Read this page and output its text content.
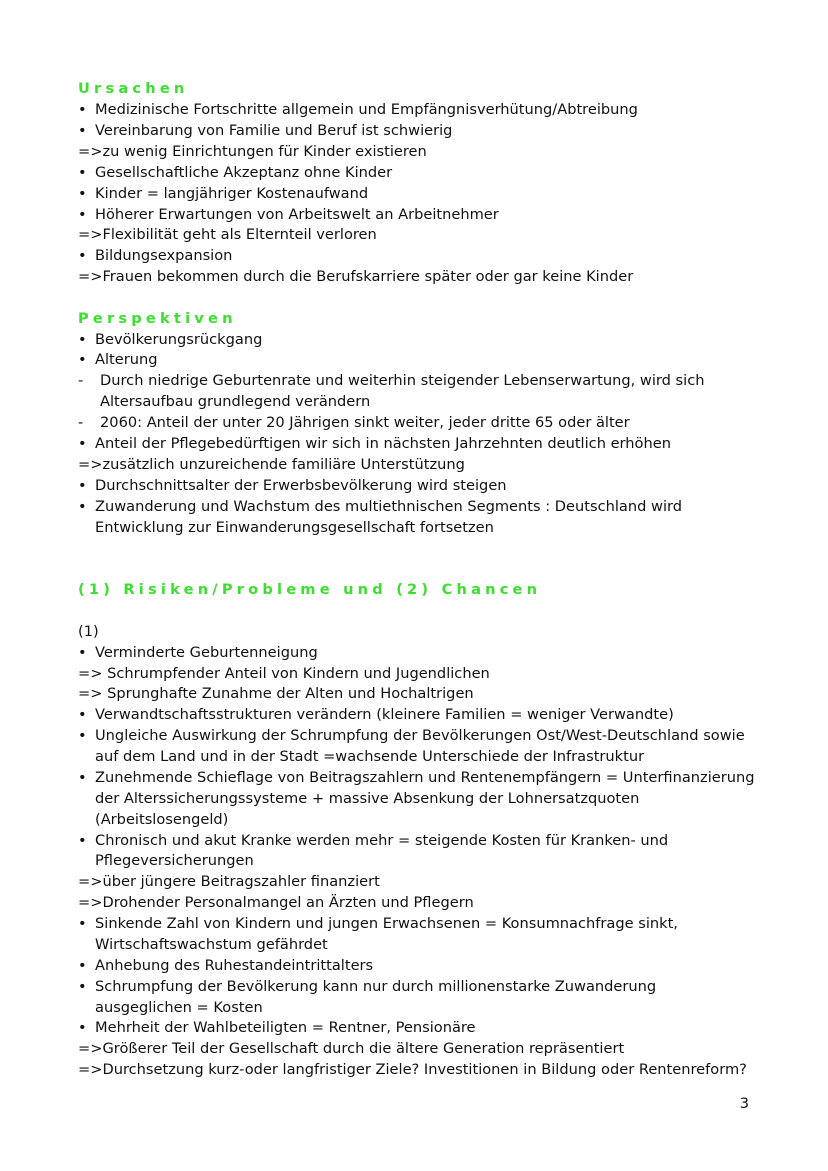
Ursachen
• Medizinische Fortschritte allgemein und Empfängnisverhütung/Abtreibung
• Vereinbarung von Familie und Beruf ist schwierig
=>zu wenig Einrichtungen für Kinder existieren
• Gesellschaftliche Akzeptanz ohne Kinder
• Kinder = langjähriger Kostenaufwand
• Höherer Erwartungen von Arbeitswelt an Arbeitnehmer
=>Flexibilität geht als Elternteil verloren
• Bildungsexpansion
=>Frauen bekommen durch die Berufskarriere später oder gar keine Kinder
Perspektiven
• Bevölkerungsrückgang
• Alterung
- Durch niedrige Geburtenrate und weiterhin steigender Lebenserwartung, wird sich
Altersaufbau grundlegend verändern
- 2060: Anteil der unter 20 Jährigen sinkt weiter, jeder dritte 65 oder älter
• Anteil der Pflegebedürftigen wir sich in nächsten Jahrzehnten deutlich erhöhen
=>zusätzlich unzureichende familiäre Unterstützung
• Durchschnittsalter der Erwerbsbevölkerung wird steigen
• Zuwanderung und Wachstum des multiethnischen Segments : Deutschland wird
Entwicklung zur Einwanderungsgesellschaft fortsetzen
(1) Risiken/Probleme und (2) Chancen
(1)
• Verminderte Geburtenneigung
=> Schrumpfender Anteil von Kindern und Jugendlichen
=> Sprunghafte Zunahme der Alten und Hochaltrigen
• Verwandtschaftsstrukturen verändern (kleinere Familien = weniger Verwandte)
• Ungleiche Auswirkung der Schrumpfung der Bevölkerungen Ost/West-Deutschland sowie
auf dem Land und in der Stadt =wachsende Unterschiede der Infrastruktur
• Zunehmende Schieflage von Beitragszahlern und Rentenempfängern = Unterfinanzierung
der Alterssicherungssysteme + massive Absenkung der Lohnersatzquoten
(Arbeitslosengeld)
• Chronisch und akut Kranke werden mehr = steigende Kosten für Kranken- und
Pflegeversicherungen
=>über jüngere Beitragszahler finanziert
=>Drohender Personalmangel an Ärzten und Pflegern
• Sinkende Zahl von Kindern und jungen Erwachsenen = Konsumnachfrage sinkt,
Wirtschaftswachstum gefährdet
• Anhebung des Ruhestandeintrittalters
• Schrumpfung der Bevölkerung kann nur durch millionenstarke Zuwanderung
ausgeglichen = Kosten
• Mehrheit der Wahlbeteiligten = Rentner, Pensionäre
=>Größerer Teil der Gesellschaft durch die ältere Generation repräsentiert
=>Durchsetzung kurz-oder langfristiger Ziele? Investitionen in Bildung oder Rentenreform?
3
